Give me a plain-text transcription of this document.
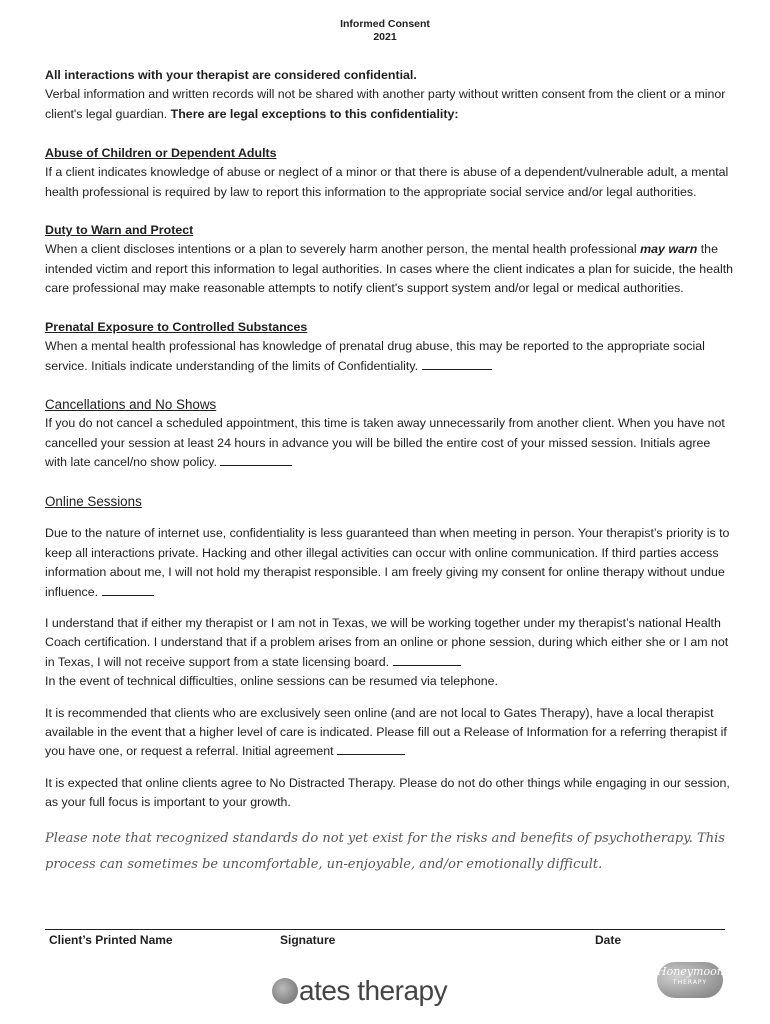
Informed Consent
2021

All interactions with your therapist are considered confidential.

Verbal information and written records will not be shared with another party without written consent from the client or a minor client's legal guardian. There are legal exceptions to this confidentiality:

Abuse of Children or Dependent Adults

If a client indicates knowledge of abuse or neglect of a minor or that there is abuse of a dependent/vulnerable adult, a mental health professional is required by law to report this information to the appropriate social service and/or legal authorities.

Duty to Warn and Protect

When a client discloses intentions or a plan to severely harm another person, the mental health professional may warn the intended victim and report this information to legal authorities. In cases where the client indicates a plan for suicide, the health care professional may make reasonable attempts to notify client's support system and/or legal or medical authorities.

Prenatal Exposure to Controlled Substances

When a mental health professional has knowledge of prenatal drug abuse, this may be reported to the appropriate social service. Initials indicate understanding of the limits of Confidentiality.

Cancellations and No Shows

If you do not cancel a scheduled appointment, this time is taken away unnecessarily from another client. When you have not cancelled your session at least 24 hours in advance you will be billed the entire cost of your missed session. Initials agree with late cancel/no show policy.

Online Sessions

Due to the nature of internet use, confidentiality is less guaranteed than when meeting in person. Your therapist’s priority is to keep all interactions private. Hacking and other illegal activities can occur with online communication. If third parties access information about me, I will not hold my therapist responsible. I am freely giving my consent for online therapy without undue influence.

I understand that if either my therapist or I am not in Texas, we will be working together under my therapist’s national Health Coach certification. I understand that if a problem arises from an online or phone session, during which either she or I am not in Texas, I will not receive support from a state licensing board.

In the event of technical difficulties, online sessions can be resumed via telephone.

It is recommended that clients who are exclusively seen online (and are not local to Gates Therapy), have a local therapist available in the event that a higher level of care is indicated. Please fill out a Release of Information for a referring therapist if you have one, or request a referral. Initial agreement

It is expected that online clients agree to No Distracted Therapy. Please do not do other things while engaging in our session, as your full focus is important to your growth.

Please note that recognized standards do not yet exist for the risks and benefits of psychotherapy. This process can sometimes be uncomfortable, un-enjoyable, and/or emotionally difficult.

Client’s Printed Name	Signature	Date
ates therapy
Honeymoon
THERAPY
